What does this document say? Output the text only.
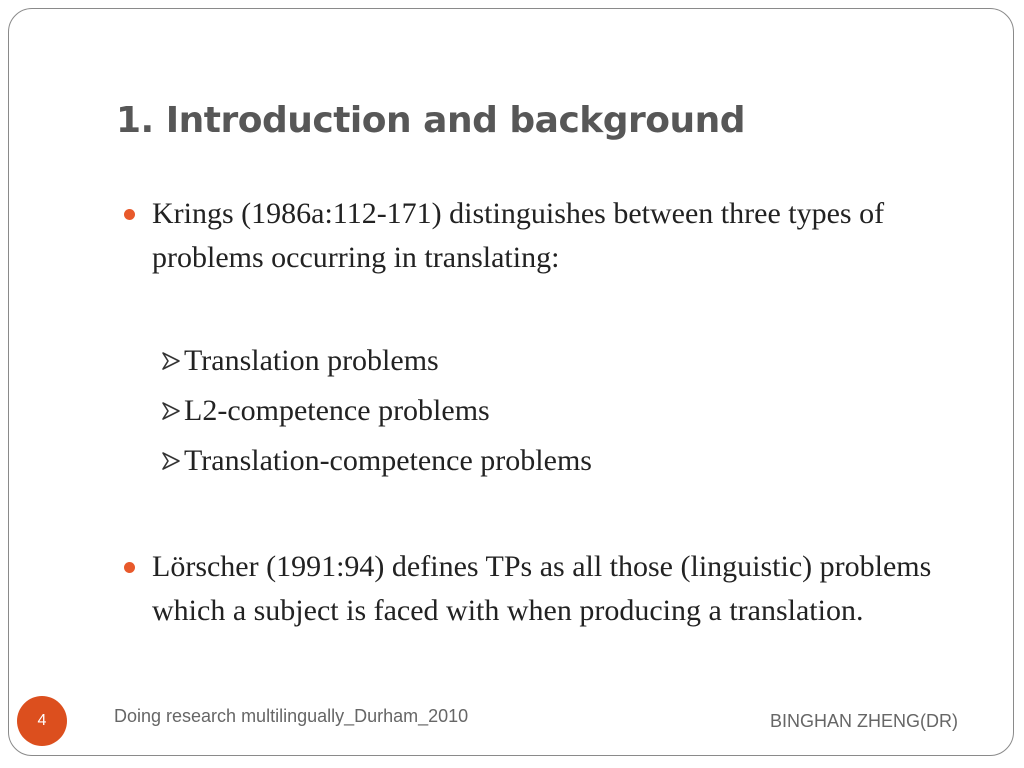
1. Introduction and background
Krings (1986a:112-171) distinguishes between three types of problems occurring in translating:
Translation problems
L2-competence problems
Translation-competence problems
Lörscher (1991:94) defines TPs as all those (linguistic) problems which a subject is faced with when producing a translation.
4	Doing research multilingually_Durham_2010	BINGHAN ZHENG(DR)
